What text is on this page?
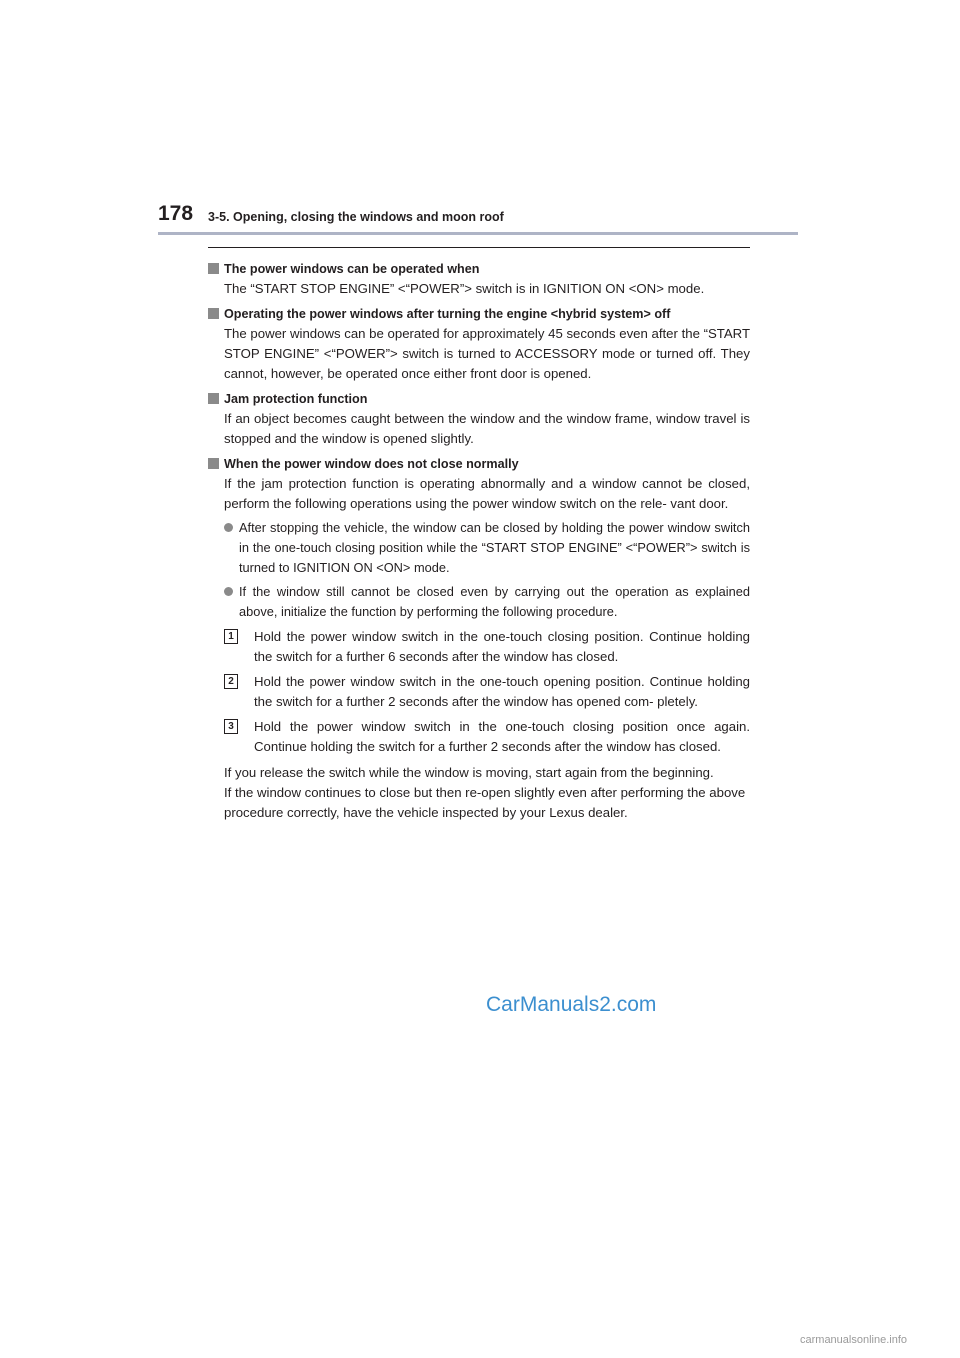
178 3-5. Opening, closing the windows and moon roof
The power windows can be operated when
The “START STOP ENGINE” <“POWER”> switch is in IGNITION ON <ON> mode.
Operating the power windows after turning the engine <hybrid system> off
The power windows can be operated for approximately 45 seconds even after the “START STOP ENGINE” <“POWER”> switch is turned to ACCESSORY mode or turned off. They cannot, however, be operated once either front door is opened.
Jam protection function
If an object becomes caught between the window and the window frame, window travel is stopped and the window is opened slightly.
When the power window does not close normally
If the jam protection function is operating abnormally and a window cannot be closed, perform the following operations using the power window switch on the rele- vant door.
After stopping the vehicle, the window can be closed by holding the power window switch in the one-touch closing position while the “START STOP ENGINE” <“POWER”> switch is turned to IGNITION ON <ON> mode.
If the window still cannot be closed even by carrying out the operation as explained above, initialize the function by performing the following procedure.
1	Hold the power window switch in the one-touch closing position. Continue holding the switch for a further 6 seconds after the window has closed.
2	Hold the power window switch in the one-touch opening position. Continue holding the switch for a further 2 seconds after the window has opened com- pletely.
3	Hold the power window switch in the one-touch closing position once again. Continue holding the switch for a further 2 seconds after the window has closed.
If you release the switch while the window is moving, start again from the beginning.
If the window continues to close but then re-open slightly even after performing the above procedure correctly, have the vehicle inspected by your Lexus dealer.
CarManuals2.com
carmanualsonline.info
